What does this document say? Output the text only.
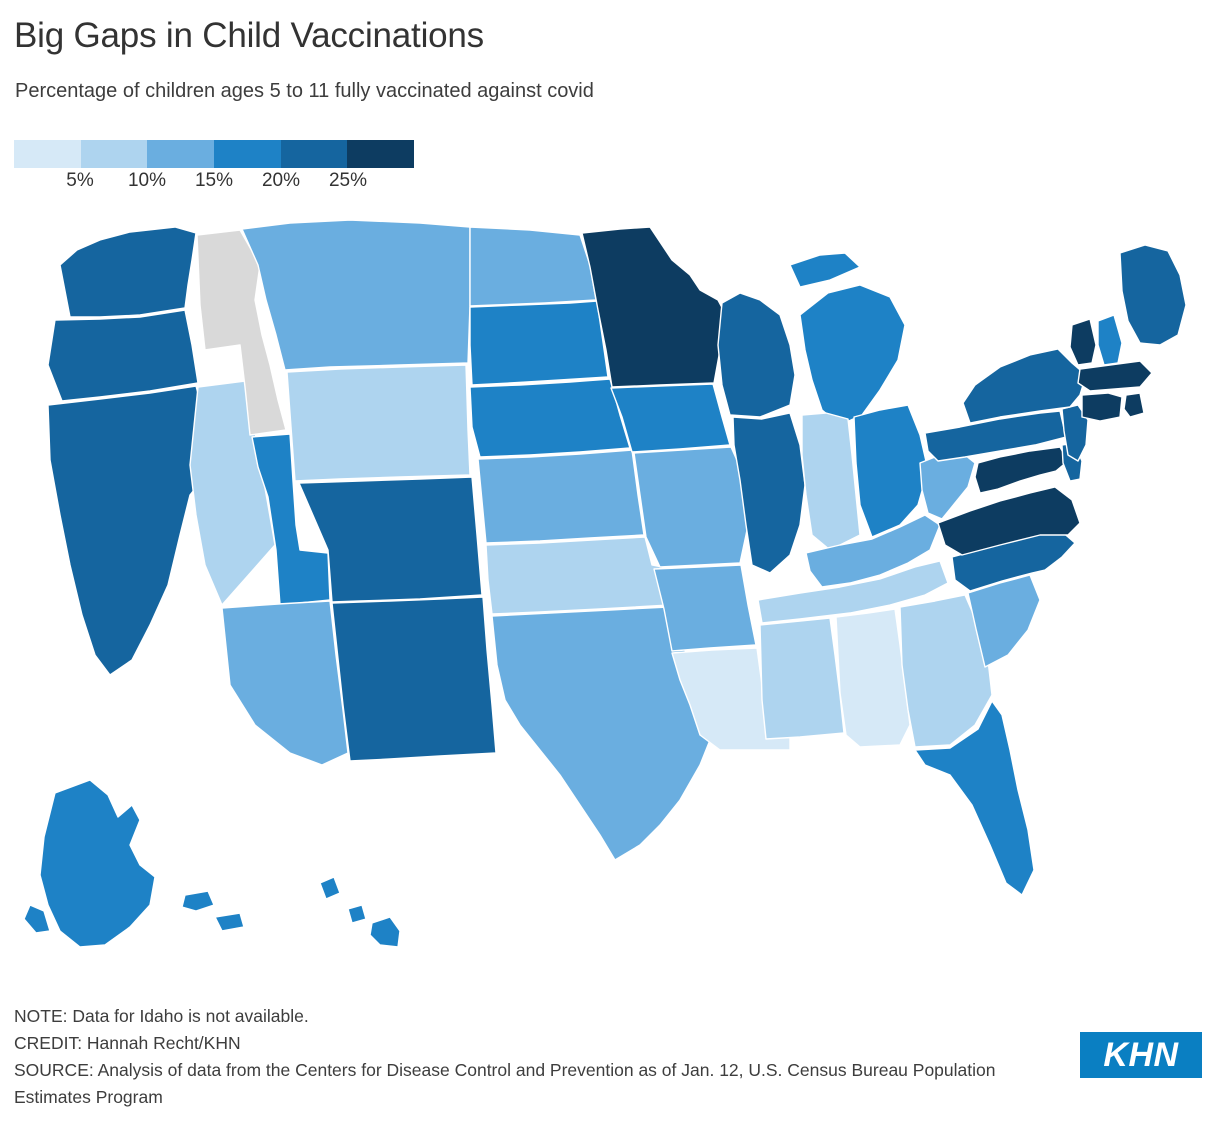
Big Gaps in Child Vaccinations
Percentage of children ages 5 to 11 fully vaccinated against covid
5% 10% 15% 20% 25%
NOTE: Data for Idaho is not available.
CREDIT: Hannah Recht/KHN
SOURCE: Analysis of data from the Centers for Disease Control and Prevention as of Jan. 12, U.S. Census Bureau Population Estimates Program
KHN
